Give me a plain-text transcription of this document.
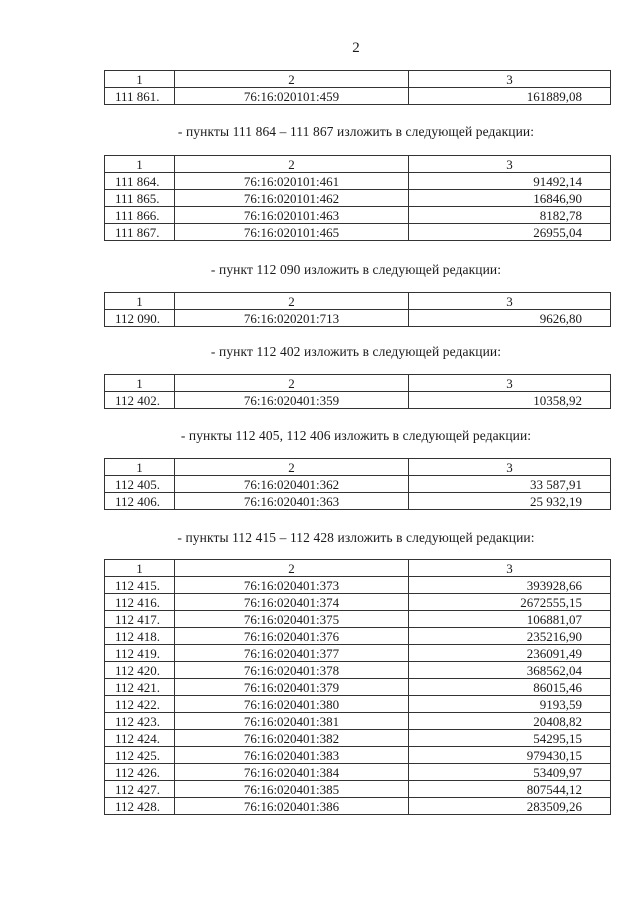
2
1	2	3
111 861.	76:16:020101:459	161889,08
- пункты 111 864 – 111 867 изложить в следующей редакции:
1	2	3
111 864.	76:16:020101:461	91492,14
111 865.	76:16:020101:462	16846,90
111 866.	76:16:020101:463	8182,78
111 867.	76:16:020101:465	26955,04
- пункт 112 090 изложить в следующей редакции:
1	2	3
112 090.	76:16:020201:713	9626,80
- пункт 112 402 изложить в следующей редакции:
1	2	3
112 402.	76:16:020401:359	10358,92
- пункты 112 405, 112 406 изложить в следующей редакции:
1	2	3
112 405.	76:16:020401:362	33 587,91
112 406.	76:16:020401:363	25 932,19
- пункты 112 415 – 112 428 изложить в следующей редакции:
1	2	3
112 415.	76:16:020401:373	393928,66
112 416.	76:16:020401:374	2672555,15
112 417.	76:16:020401:375	106881,07
112 418.	76:16:020401:376	235216,90
112 419.	76:16:020401:377	236091,49
112 420.	76:16:020401:378	368562,04
112 421.	76:16:020401:379	86015,46
112 422.	76:16:020401:380	9193,59
112 423.	76:16:020401:381	20408,82
112 424.	76:16:020401:382	54295,15
112 425.	76:16:020401:383	979430,15
112 426.	76:16:020401:384	53409,97
112 427.	76:16:020401:385	807544,12
112 428.	76:16:020401:386	283509,26
